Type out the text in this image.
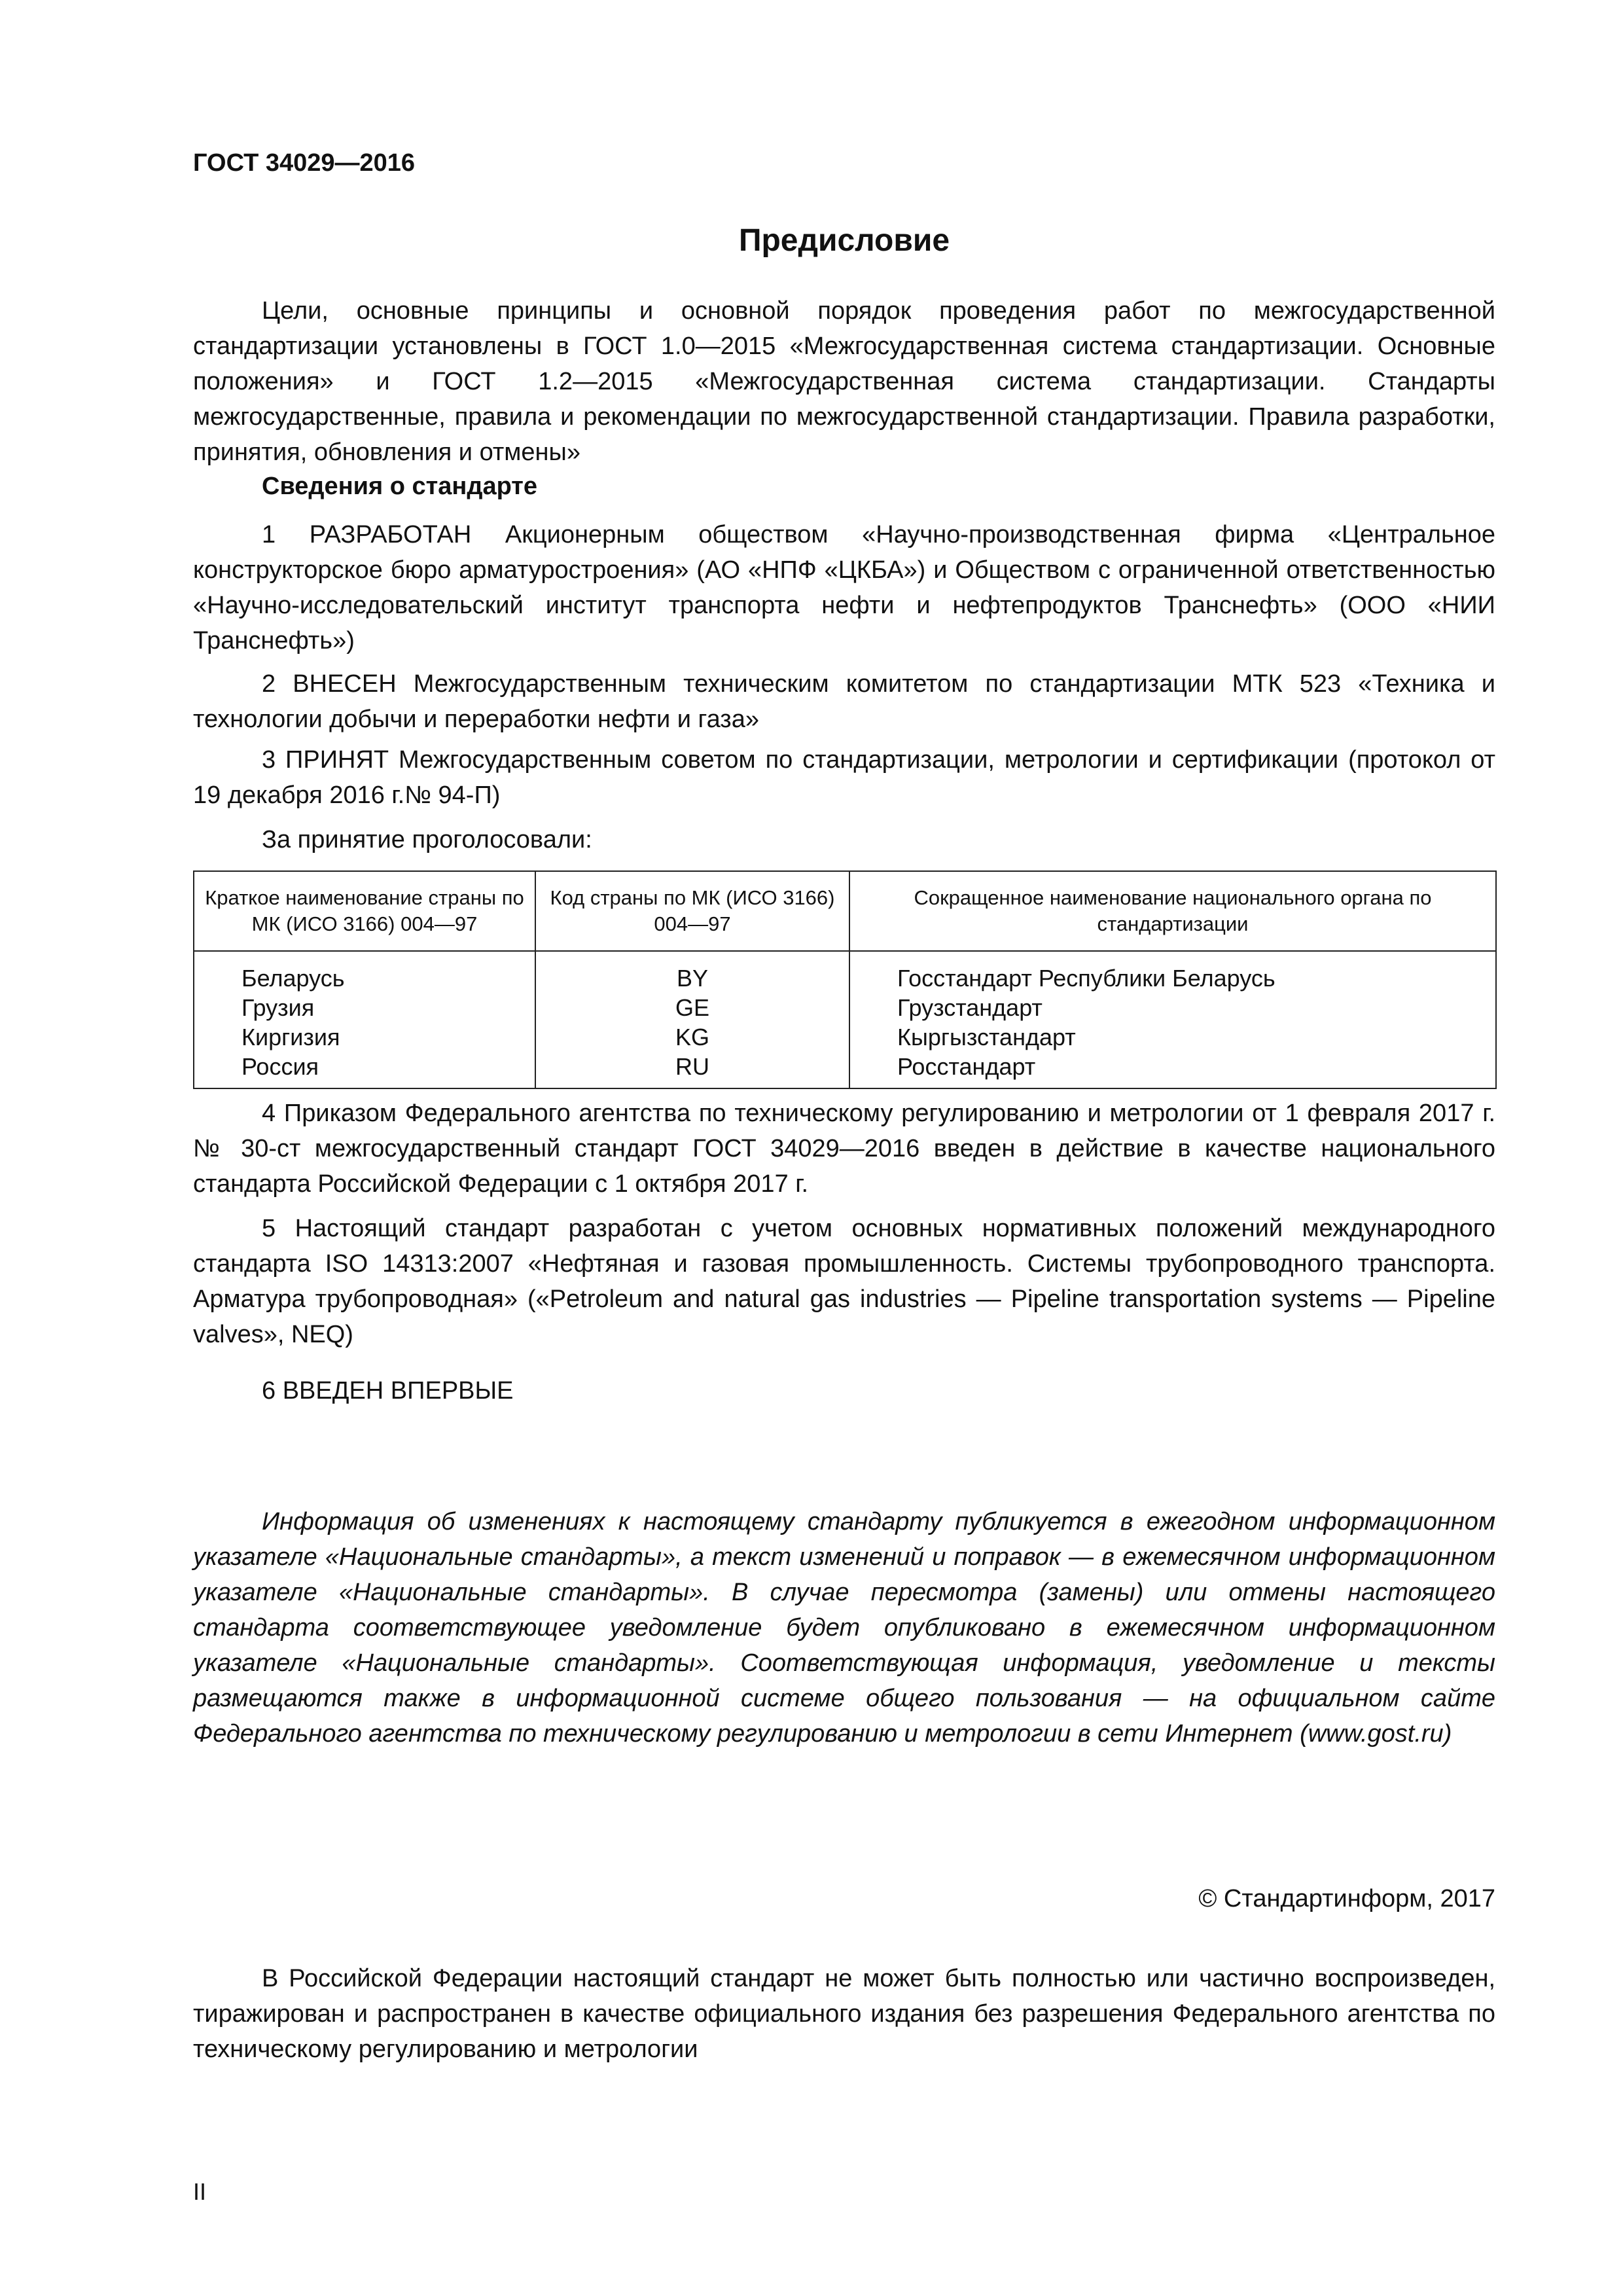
ГОСТ 34029—2016
Предисловие

Цели, основные принципы и основной порядок проведения работ по межгосударственной стандартизации установлены в ГОСТ 1.0—2015 «Межгосударственная система стандартизации. Основные положения» и ГОСТ 1.2—2015 «Межгосударственная система стандартизации. Стандарты межгосударственные, правила и рекомендации по межгосударственной стандартизации. Правила разработки, принятия, обновления и отмены»

Сведения о стандарте

1 РАЗРАБОТАН Акционерным обществом «Научно-производственная фирма «Центральное конструкторское бюро арматуростроения» (АО «НПФ «ЦКБА») и Обществом с ограниченной ответственностью «Научно-исследовательский институт транспорта нефти и нефтепродуктов Транснефть» (ООО «НИИ Транснефть»)

2 ВНЕСЕН Межгосударственным техническим комитетом по стандартизации МТК 523 «Техника и технологии добычи и переработки нефти и газа»

3 ПРИНЯТ Межгосударственным советом по стандартизации, метрологии и сертификации (протокол от 19 декабря 2016 г.№ 94-П)

За принятие проголосовали:
Краткое наименование страны по МК (ИСО 3166) 004—97	Код страны по МК (ИСО 3166) 004—97	Сокращенное наименование национального органа по стандартизации
Беларусь	BY	Госстандарт Республики Беларусь
Грузия	GE	Грузстандарт
Киргизия	KG	Кыргызстандарт
Россия	RU	Росстандарт

4 Приказом Федерального агентства по техническому регулированию и метрологии от 1 февраля 2017 г. № 30-ст межгосударственный стандарт ГОСТ 34029—2016 введен в действие в качестве национального стандарта Российской Федерации с 1 октября 2017 г.

5 Настоящий стандарт разработан с учетом основных нормативных положений международного стандарта ISO 14313:2007 «Нефтяная и газовая промышленность. Системы трубопроводного транспорта. Арматура трубопроводная» («Petroleum and natural gas industries — Pipeline transportation systems — Pipeline valves», NEQ)

6 ВВЕДЕН ВПЕРВЫЕ

Информация об изменениях к настоящему стандарту публикуется в ежегодном информационном указателе «Национальные стандарты», а текст изменений и поправок — в ежемесячном информационном указателе «Национальные стандарты». В случае пересмотра (замены) или отмены настоящего стандарта соответствующее уведомление будет опубликовано в ежемесячном информационном указателе «Национальные стандарты». Соответствующая информация, уведомление и тексты размещаются также в информационной системе общего пользования — на официальном сайте Федерального агентства по техническому регулированию и метрологии в сети Интернет (www.gost.ru)

© Стандартинформ, 2017

В Российской Федерации настоящий стандарт не может быть полностью или частично воспроизведен, тиражирован и распространен в качестве официального издания без разрешения Федерального агентства по техническому регулированию и метрологии

II
